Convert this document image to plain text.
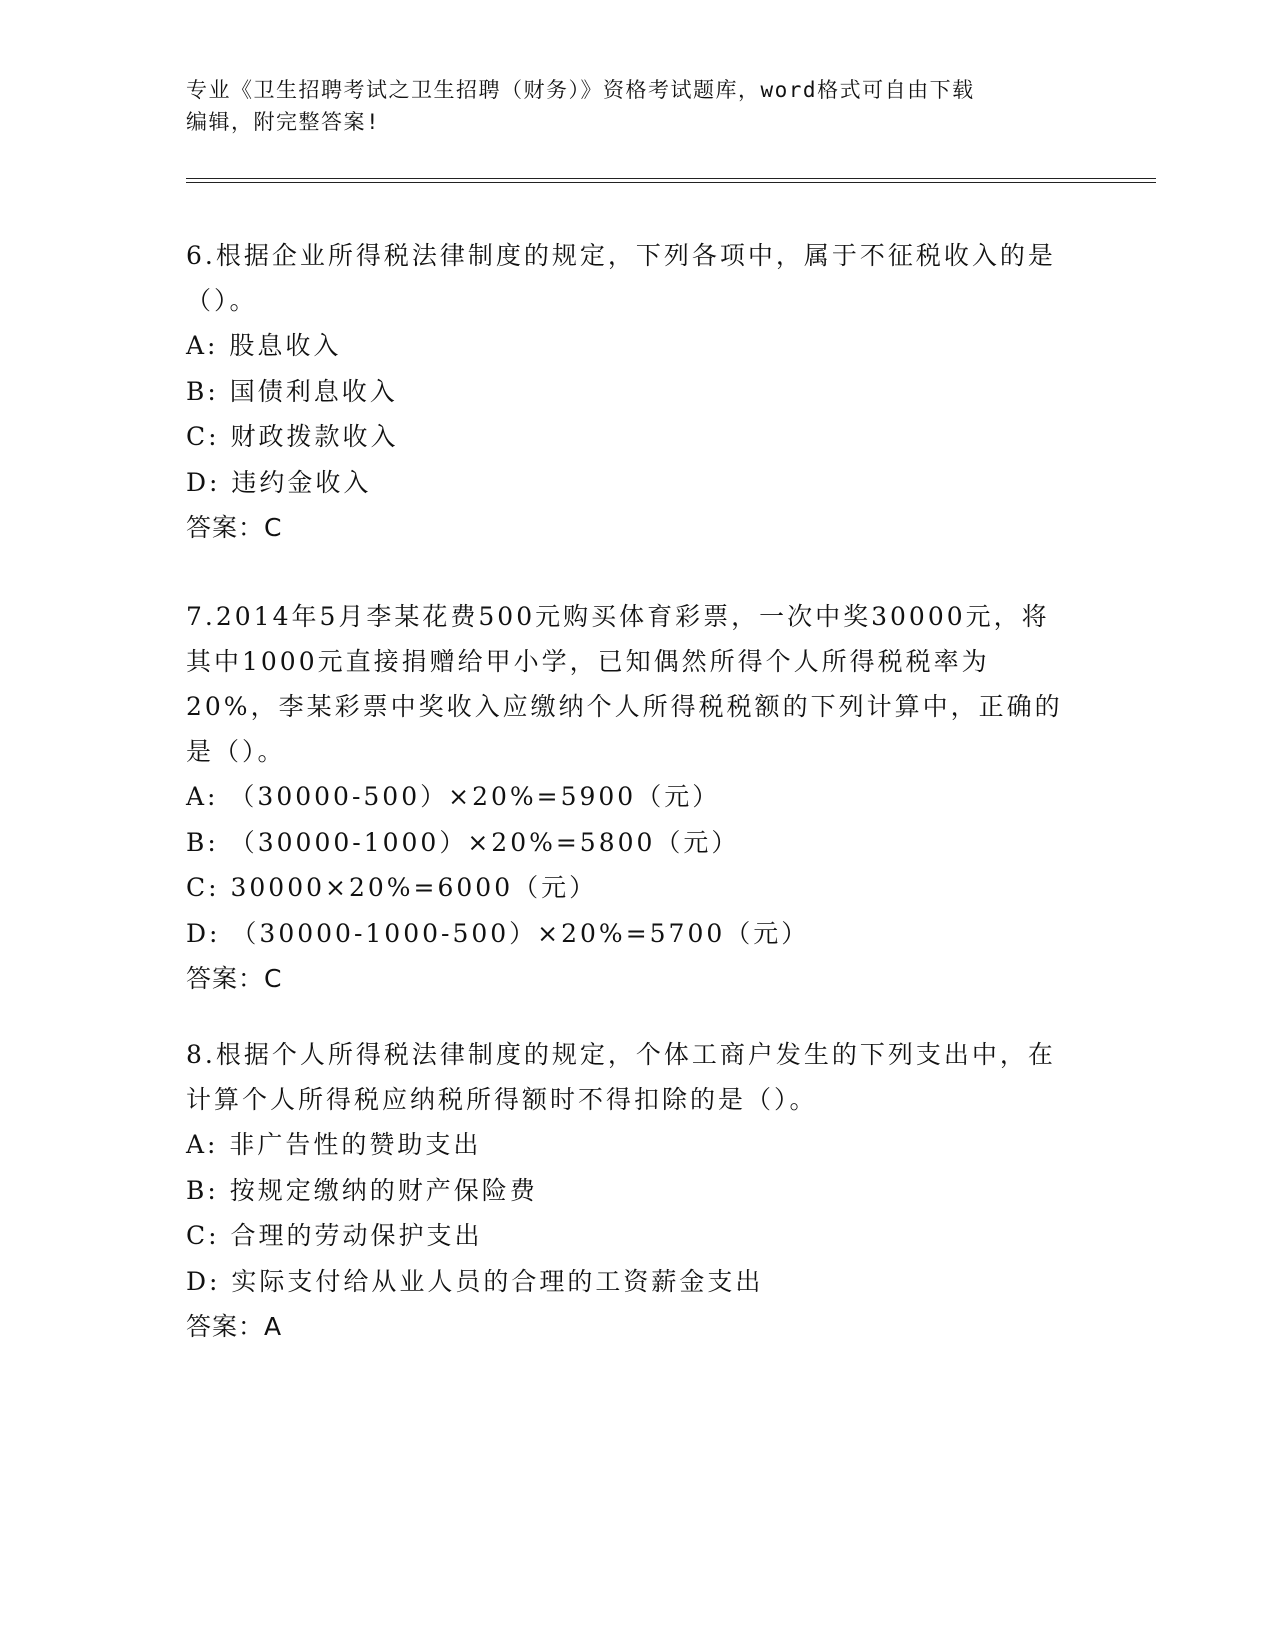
专业《卫生招聘考试之卫生招聘（财务）》资格考试题库，word格式可自由下载
编辑，附完整答案!

6.根据企业所得税法律制度的规定，下列各项中，属于不征税收入的是（）。

A: 股息收入

B: 国债利息收入

C: 财政拨款收入

D: 违约金收入

答案：C

7.2014年5月李某花费500元购买体育彩票，一次中奖30000元，将其中1000元直接捐赠给甲小学，已知偶然所得个人所得税税率为20%，李某彩票中奖收入应缴纳个人所得税税额的下列计算中，正确的是（）。

A: （30000-500）×20%=5900（元）

B: （30000-1000）×20%=5800（元）

C: 30000×20%=6000（元）

D: （30000-1000-500）×20%=5700（元）

答案：C

8.根据个人所得税法律制度的规定，个体工商户发生的下列支出中，在计算个人所得税应纳税所得额时不得扣除的是（）。

A: 非广告性的赞助支出

B: 按规定缴纳的财产保险费

C: 合理的劳动保护支出

D: 实际支付给从业人员的合理的工资薪金支出

答案：A
